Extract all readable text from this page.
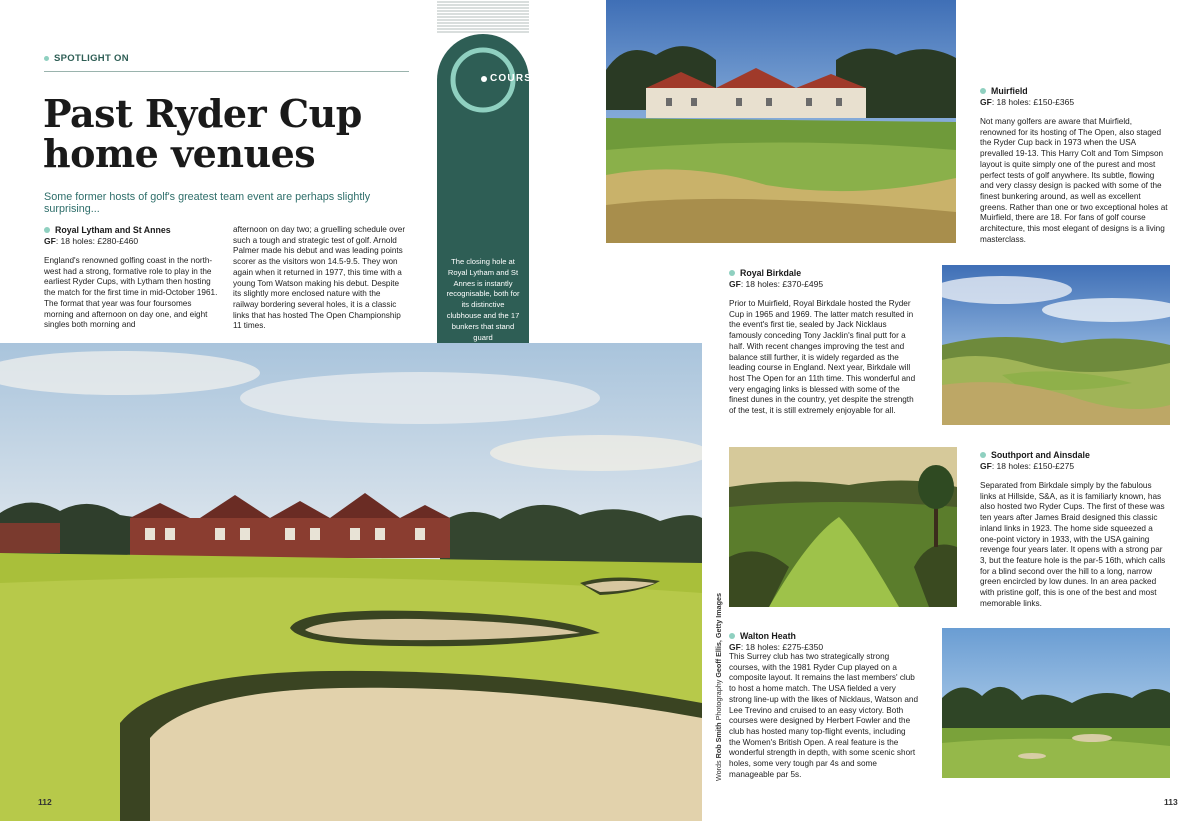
SPOTLIGHT ON
Past Ryder Cup
home venues
Some former hosts of golf's greatest team event are perhaps slightly surprising...
Royal Lytham and St Annes
GF: 18 holes: £280-£460
England's renowned golfing coast in the north-west had a strong, formative role to play in the earliest Ryder Cups, with Lytham then hosting the match for the first time in mid-October 1961. The format that year was four foursomes morning and afternoon on day one, and eight singles both morning and
afternoon on day two; a gruelling schedule over such a tough and strategic test of golf. Arnold Palmer made his debut and was leading points scorer as the visitors won 14.5-9.5. They won again when it returned in 1977, this time with a young Tom Watson making his debut. Despite its slightly more enclosed nature with the railway bordering several holes, it is a classic links that has hosted The Open Championship 11 times.
COURSES
The closing hole at Royal Lytham and St Annes is instantly recognisable, both for its distinctive clubhouse and the 17 bunkers that stand guard
112
Words Rob Smith Photography Geoff Ellis, Getty Images
Muirfield
GF: 18 holes: £150-£365
Not many golfers are aware that Muirfield, renowned for its hosting of The Open, also staged the Ryder Cup back in 1973 when the USA prevalled 19-13. This Harry Colt and Tom Simpson layout is quite simply one of the purest and most perfect tests of golf anywhere. Its subtle, flowing and very classy design is packed with some of the finest bunkering around, as well as excellent greens. Rather than one or two exceptional holes at Muirfield, there are 18. For fans of golf course architecture, this most elegant of designs is a living masterclass.
Royal Birkdale
GF: 18 holes: £370-£495
Prior to Muirfield, Royal Birkdale hosted the Ryder Cup in 1965 and 1969. The latter match resulted in the event's first tie, sealed by Jack Nicklaus famously conceding Tony Jacklin's final putt for a half. With recent changes improving the test and balance still further, it is widely regarded as the leading course in England. Next year, Birkdale will host The Open for an 11th time. This wonderful and very engaging links is blessed with some of the finest dunes in the country, yet despite the strength of the test, it is still extremely enjoyable for all.
Southport and Ainsdale
GF: 18 holes: £150-£275
Separated from Birkdale simply by the fabulous links at Hillside, S&A, as it is familiarly known, has also hosted two Ryder Cups. The first of these was ten years after James Braid designed this classic inland links in 1923. The home side squeezed a one-point victory in 1933, with the USA gaining revenge four years later. It opens with a strong par 3, but the feature hole is the par-5 16th, which calls for a blind second over the hill to a long, narrow green encircled by low dunes. In an area packed with pristine golf, this is one of the best and most memorable links.
Walton Heath
GF: 18 holes: £275-£350
This Surrey club has two strategically strong courses, with the 1981 Ryder Cup played on a composite layout. It remains the last members' club to host a home match. The USA fielded a very strong line-up with the likes of Nicklaus, Watson and Lee Trevino and cruised to an easy victory. Both courses were designed by Herbert Fowler and the club has hosted many top-flight events, including the Women's British Open. A real feature is the wonderful strength in depth, with some scenic short holes, some very tough par 4s and some manageable par 5s.
113
